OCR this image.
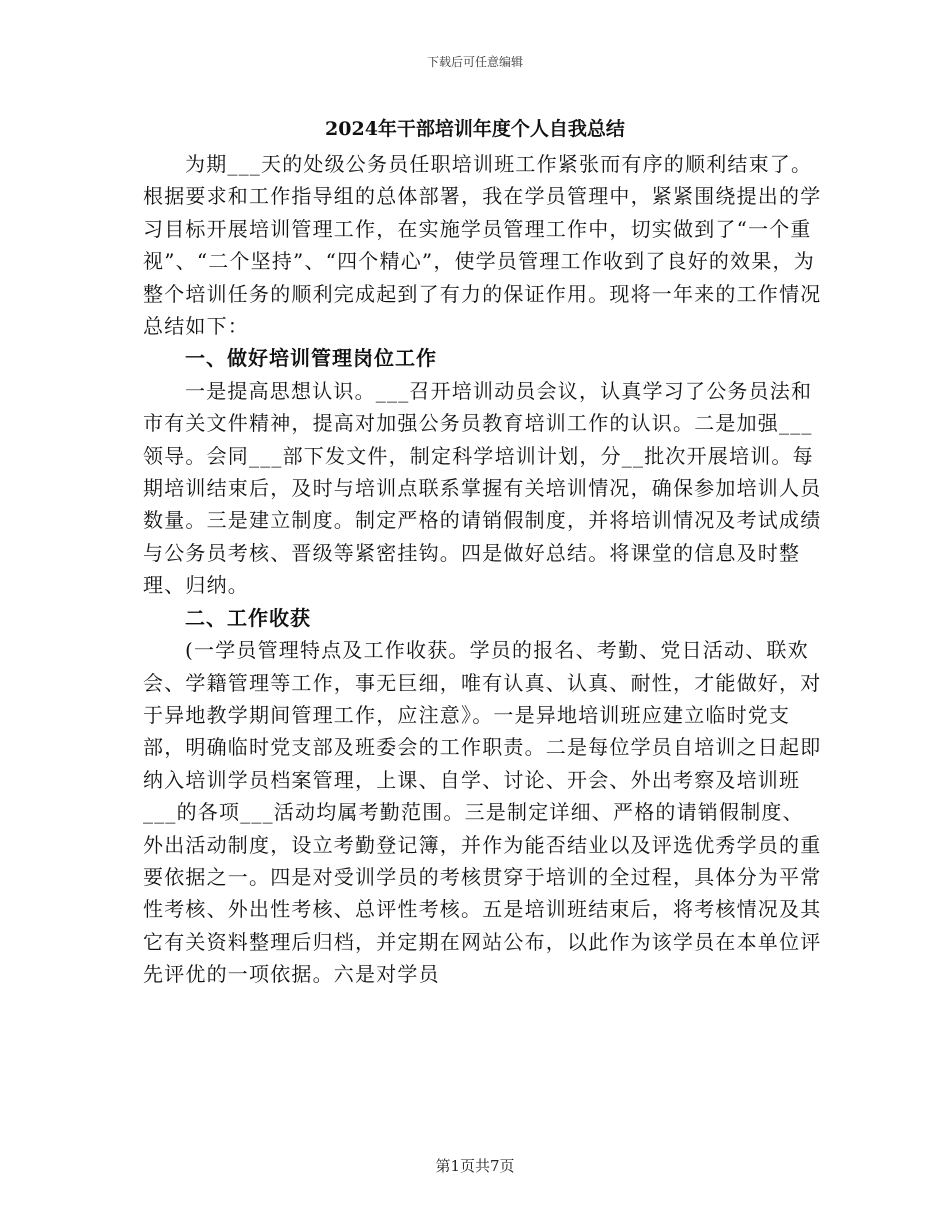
下载后可任意编辑
2024年干部培训年度个人自我总结

为期___天的处级公务员任职培训班工作紧张而有序的顺利结束了。根据要求和工作指导组的总体部署，我在学员管理中，紧紧围绕提出的学习目标开展培训管理工作，在实施学员管理工作中，切实做到了“一个重视”、“二个坚持”、“四个精心”，使学员管理工作收到了良好的效果，为整个培训任务的顺利完成起到了有力的保证作用。现将一年来的工作情况总结如下：

一、做好培训管理岗位工作

一是提高思想认识。___召开培训动员会议，认真学习了公务员法和市有关文件精神，提高对加强公务员教育培训工作的认识。二是加强___领导。会同___部下发文件，制定科学培训计划，分__批次开展培训。每期培训结束后，及时与培训点联系掌握有关培训情况，确保参加培训人员数量。三是建立制度。制定严格的请销假制度，并将培训情况及考试成绩与公务员考核、晋级等紧密挂钩。四是做好总结。将课堂的信息及时整理、归纳。

二、工作收获

(一学员管理特点及工作收获。学员的报名、考勤、党日活动、联欢会、学籍管理等工作，事无巨细，唯有认真、认真、耐性，才能做好，对于异地教学期间管理工作，应注意》。一是异地培训班应建立临时党支部，明确临时党支部及班委会的工作职责。二是每位学员自培训之日起即纳入培训学员档案管理，上课、自学、讨论、开会、外出考察及培训班___的各项___活动均属考勤范围。三是制定详细、严格的请销假制度、外出活动制度，设立考勤登记簿，并作为能否结业以及评选优秀学员的重要依据之一。四是对受训学员的考核贯穿于培训的全过程，具体分为平常性考核、外出性考核、总评性考核。五是培训班结束后，将考核情况及其它有关资料整理后归档，并定期在网站公布，以此作为该学员在本单位评先评优的一项依据。六是对学员

第1页共7页
